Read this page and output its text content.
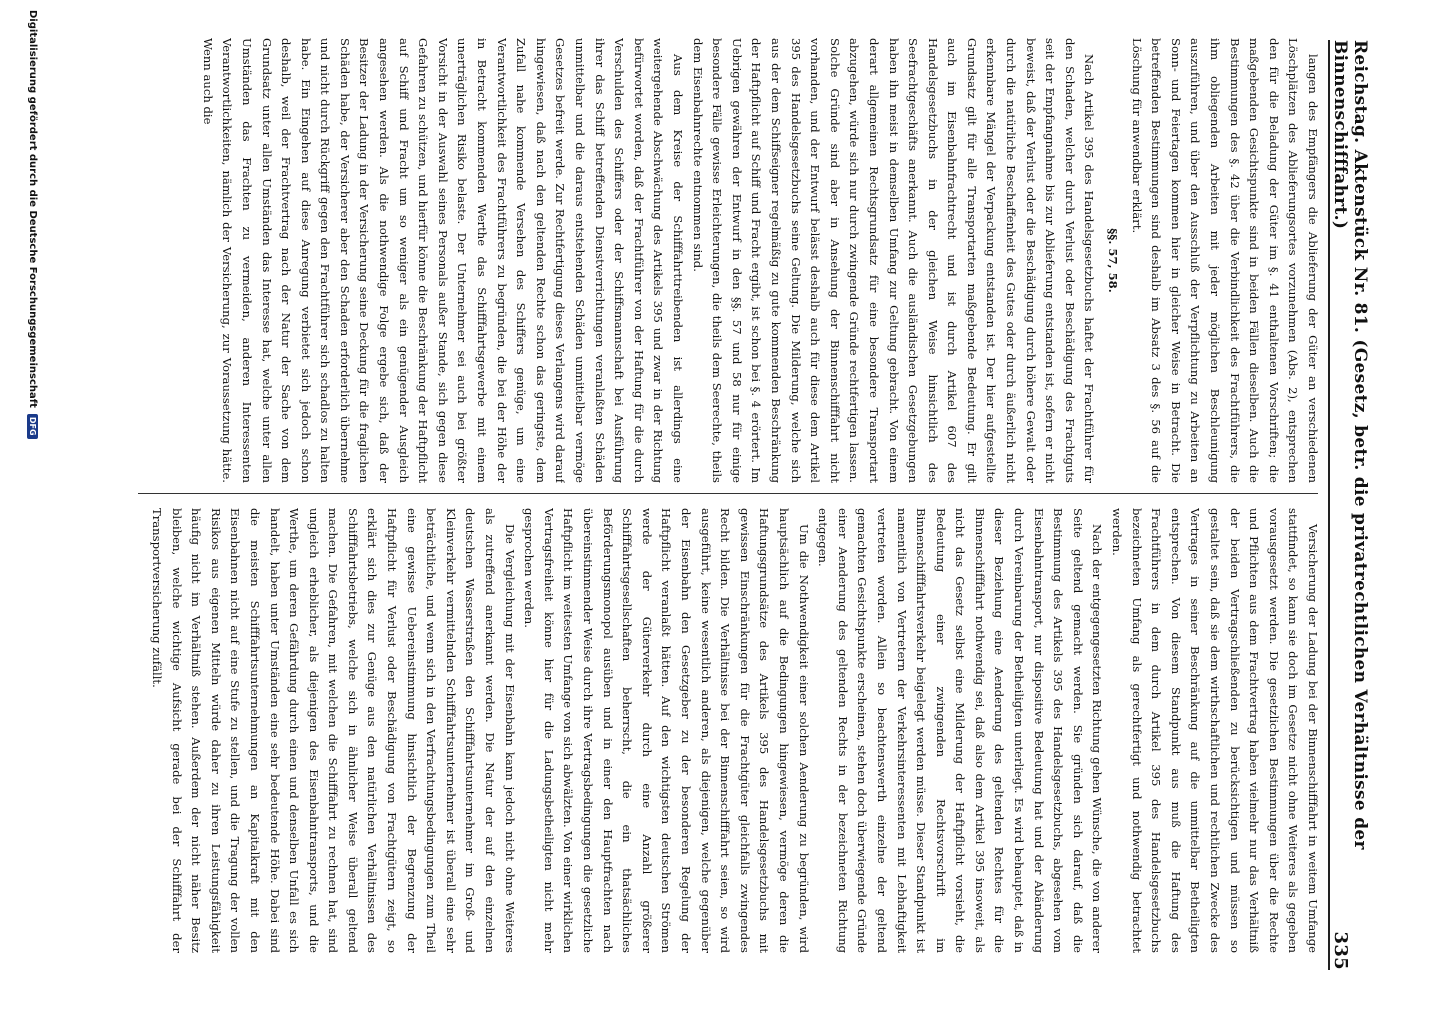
Reichstag. Aktenstück Nr. 81. (Gesetz, betr. die privatrechtlichen Verhältnisse der Binnenschifffahrt.)
335

langen des Empfängers die Ablieferung der Güter an verschiedenen Löschplätzen des Ablieferungsortes vorzunehmen (Abs. 2), entsprechen den für die Beladung der Güter im §. 41 enthaltenen Vorschriften; die maßgebenden Gesichtspunkte sind in beiden Fällen dieselben. Auch die Bestimmungen des §. 42 über die Verbindlichkeit des Frachtführers, die ihm obliegenden Arbeiten mit jeder möglichen Beschleunigung auszuführen, und über den Ausschluß der Verpflichtung zu Arbeiten an Sonn- und Feiertagen kommen hier in gleicher Weise in Betracht. Die betreffenden Bestimmungen sind deshalb im Absatz 3 des §. 56 auf die Löschung für anwendbar erklärt.

§§. 57, 58.

Nach Artikel 395 des Handelsgesetzbuchs haftet der Frachtführer für den Schaden, welcher durch Verlust oder Beschädigung des Frachtguts seit der Empfangnahme bis zur Ablieferung entstanden ist, sofern er nicht beweist, daß der Verlust oder die Beschädigung durch höhere Gewalt oder durch die natürliche Beschaffenheit des Gutes oder durch äußerlich nicht erkennbare Mängel der Verpackung entstanden ist. Der hier aufgestellte Grundsatz gilt für alle Transportarten maßgebende Bedeutung. Er gilt auch im Eisenbahnfrachtrecht und ist durch Artikel 607 des Handelsgesetzbuchs in der gleichen Weise hinsichtlich des Seefrachtgeschäfts anerkannt. Auch die ausländischen Gesetzgebungen haben ihn meist in demselben Umfang zur Geltung gebracht. Von einem derart allgemeinen Rechtsgrundsatz für eine besondere Transportart abzugehen, würde sich nur durch zwingende Gründe rechtfertigen lassen. Solche Gründe sind aber in Ansehung der Binnenschifffahrt nicht vorhanden, und der Entwurf belässt deshalb auch für diese dem Artikel 395 des Handelsgesetzbuchs seine Geltung. Die Milderung, welche sich aus der dem Schiffseigner regelmäßig zu gute kommenden Beschränkung der Haftpflicht auf Schiff und Fracht ergibt, ist schon bei §. 4 erörtert. Im Uebrigen gewähren der Entwurf in den §§. 57 und 58 nur für einige besondere Fälle gewisse Erleichterungen, die theils dem Seerechte, theils dem Eisenbahnrechte entnommen sind.

Aus dem Kreise der Schifffahrttreibenden ist allerdings eine weitergehende Abschwächung des Artikels 395 und zwar in der Richtung befürwortet worden, daß der Frachtführer von der Haftung für die durch Verschulden des Schiffers oder der Schiffsmannschaft bei Ausführung ihrer das Schiff betreffenden Dienstverrichtungen veranlaßten Schäden unmittelbar und die daraus entstehenden Schäden unmittelbar vermöge Gesetzes befreit werde. Zur Rechtfertigung dieses Verlangens wird darauf hingewiesen, daß nach den geltenden Rechte schon das geringste, dem Zufall nahe kommende Versehen des Schiffers genüge, um eine Verantwortlichkeit des Frachtführers zu begründen, die bei der Höhe der in Betracht kommenden Werthe das Schifffahrtsgewerbe mit einem unerträglichen Risiko belaste. Der Unternehmer sei auch bei größter Vorsicht in der Auswahl seines Personals außer Stande, sich gegen diese Gefahren zu schützen, und hierfür könne die Beschränkung der Haftpflicht auf Schiff und Fracht um so weniger als ein genügender Ausgleich angesehen werden. Als die nothwendige Folge ergebe sich, daß der Besitzer der Ladung in der Versicherung seine Deckung für die fraglichen Schäden habe, der Versicherer aber den Schaden erforderlich übernehme und nicht durch Rückgriff gegen den Frachtführer sich schadlos zu halten habe. Ein Eingehen auf diese Anregung verbietet sich jedoch schon deshalb, weil der Frachtvertrag nach der Natur der Sache von dem Grundsatz unter allen Umständen das Interesse hat, welche unter allen Umständen das Frachten zu vermeiden, anderen Interessenten Verantwortlichkeiten, nämlich der Versicherung, zur Voraussetzung hätte. Wenn auch die

Versicherung der Ladung bei der Binnenschifffahrt in weitem Umfange stattfindet, so kann sie doch im Gesetze nicht ohne Weiteres als gegeben vorausgesetzt werden. Die gesetzlichen Bestimmungen über die Rechte und Pflichten aus dem Frachtvertrag haben vielmehr nur das Verhältniß der beiden Vertragschließenden zu berücksichtigen und müssen so gestaltet sein, daß sie dem wirthschaftlichen und rechtlichen Zwecke des Vertrages in seiner Beschränkung auf die unmittelbar Betheiligten entsprechen. Von diesem Standpunkt aus muß die Haftung des Frachtführers in dem durch Artikel 395 des Handelsgesetzbuchs bezeichneten Umfang als gerechtfertigt und nothwendig betrachtet werden.

Nach der entgegengesetzten Richtung gehen Wünsche, die von anderer Seite geltend gemacht werden. Sie gründen sich darauf, daß die Bestimmung des Artikels 395 des Handelsgesetzbuchs, abgesehen vom Eisenbahntransport, nur dispositive Bedeutung hat und der Abänderung durch Vereinbarung der Betheiligten unterliegt. Es wird behauptet, daß in dieser Beziehung eine Aenderung des geltenden Rechtes für die Binnenschifffahrt nothwendig sei, daß also dem Artikel 395 insoweit, als nicht das Gesetz selbst eine Milderung der Haftpflicht vorsieht, die Bedeutung einer zwingenden Rechtsvorschrift im Binnenschifffahrtsverkehr beigelegt werden müsse. Dieser Standpunkt ist namentlich von Vertretern der Verkehrsinteressenten mit Lebhaftigkeit vertreten worden. Allein so beachtenswerth einzelne der geltend gemachten Gesichtspunkte erscheinen, stehen doch überwiegende Gründe einer Aenderung des geltenden Rechts in der bezeichneten Richtung entgegen.

Um die Nothwendigkeit einer solchen Aenderung zu begründen, wird hauptsächlich auf die Bedingungen hingewiesen, vermöge deren die Haftungsgrundsätze des Artikels 395 des Handelsgesetzbuchs mit gewissen Einschränkungen für die Frachtgüter gleichfalls zwingendes Recht bilden. Die Verhältnisse bei der Binnenschifffahrt seien, so wird ausgeführt, keine wesentlich anderen, als diejenigen, welche gegenüber der Eisenbahn den Gesetzgeber zu der besonderen Regelung der Haftpflicht veranlaßt hätten. Auf den wichtigsten deutschen Strömen werde der Güterverkehr durch eine Anzahl größerer Schifffahrtsgesellschaften beherrscht, die ein thatsächliches Beförderungsmonopol ausüben und in einer den Hauptfrachten nach übereinstimmender Weise durch ihre Vertragsbedingungen die gesetzliche Haftpflicht im weitesten Umfange von sich abwälzten. Von einer wirklichen Vertragsfreiheit könne hier für die Ladungsbetheiligten nicht mehr gesprochen werden.

Die Vergleichung mit der Eisenbahn kann jedoch nicht ohne Weiteres als zutreffend anerkannt werden. Die Natur der auf den einzelnen deutschen Wasserstraßen den Schifffahrtsunternehmer im Groß- und Kleinverkehr vermittelnden Schifffahrtsunternehmer ist überall eine sehr beträchtliche, und wenn sich in den Verfrachtungsbedingungen zum Theil eine gewisse Uebereinstimmung hinsichtlich der Begrenzung der Haftpflicht für Verlust oder Beschädigung von Frachtgütern zeigt, so erklärt sich dies zur Genüge aus den natürlichen Verhältnissen des Schifffahrtsbetriebs, welche sich in ähnlicher Weise überall geltend machen. Die Gefahren, mit welchen die Schifffahrt zu rechnen hat, sind ungleich erheblicher, als diejenigen des Eisenbahntransports, und die Werthe, um deren Gefährdung durch einen und denselben Unfall es sich handelt, haben unter Umständen eine sehr bedeutende Höhe. Dabei sind die meisten Schifffahrtsunternehmungen an Kapitalkraft mit den Eisenbahnen nicht auf eine Stufe zu stellen, und die Tragung der vollen Risikos aus eigenen Mitteln würde daher zu ihren Leistungsfähigkeit häufig nicht im Verhältniß stehen. Außerdem der nicht näher Besitz bleiben, welche wichtige Aufsicht gerade bei der Schifffahrt der Transportversicherung zufällt.

Digitalisierung gefördert durch die Deutsche Forschungsgemeinschaft
DFG
